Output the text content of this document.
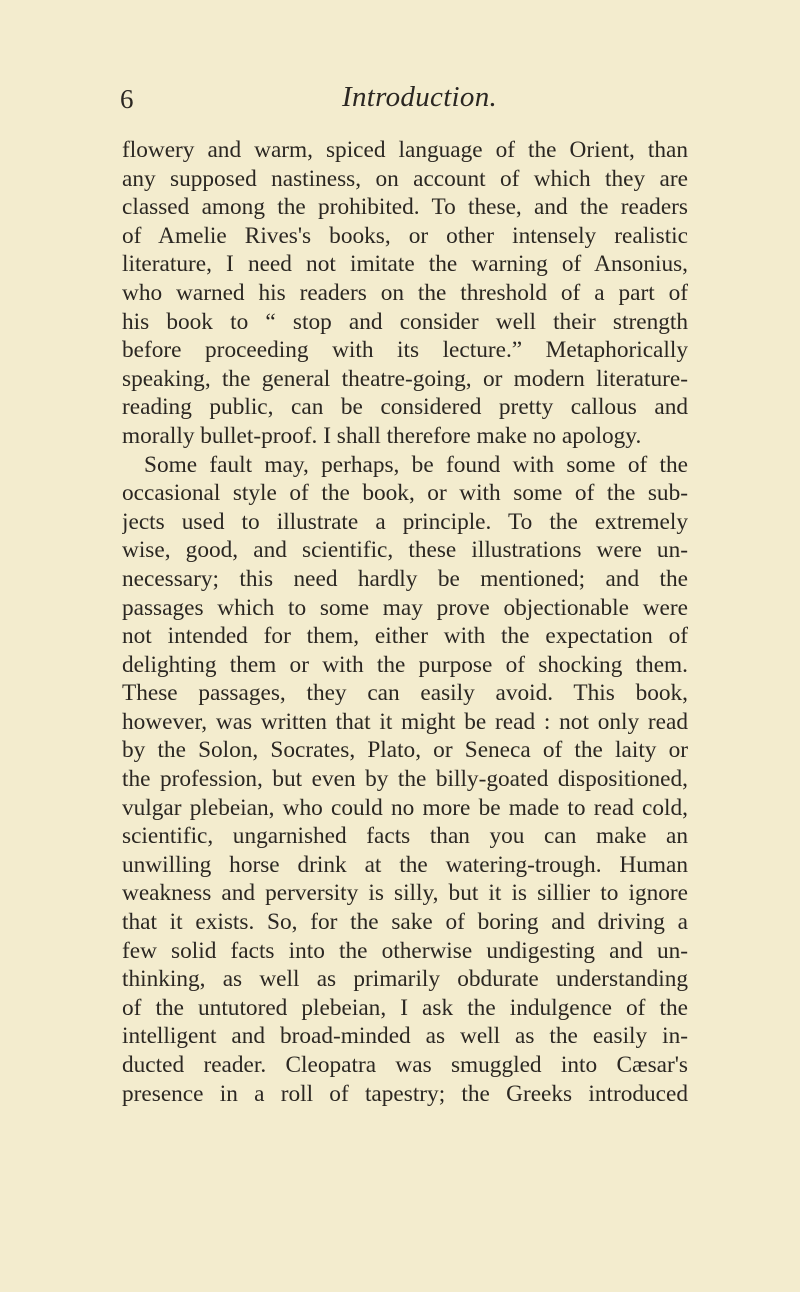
6	Introduction.
flowery and warm, spiced language of the Orient, than
any supposed nastiness, on account of which they are
classed among the prohibited. To these, and the readers
of Amelie Rives's books, or other intensely realistic
literature, I need not imitate the warning of Ansonius,
who warned his readers on the threshold of a part of
his book to “ stop and consider well their strength
before proceeding with its lecture.” Metaphorically
speaking, the general theatre-going, or modern literature-
reading public, can be considered pretty callous and
morally bullet-proof. I shall therefore make no apology.
Some fault may, perhaps, be found with some of the
occasional style of the book, or with some of the sub-
jects used to illustrate a principle. To the extremely
wise, good, and scientific, these illustrations were un-
necessary; this need hardly be mentioned; and the
passages which to some may prove objectionable were
not intended for them, either with the expectation of
delighting them or with the purpose of shocking them.
These passages, they can easily avoid. This book,
however, was written that it might be read : not only read
by the Solon, Socrates, Plato, or Seneca of the laity or
the profession, but even by the billy-goated dispositioned,
vulgar plebeian, who could no more be made to read cold,
scientific, ungarnished facts than you can make an
unwilling horse drink at the watering-trough. Human
weakness and perversity is silly, but it is sillier to ignore
that it exists. So, for the sake of boring and driving a
few solid facts into the otherwise undigesting and un-
thinking, as well as primarily obdurate understanding
of the untutored plebeian, I ask the indulgence of the
intelligent and broad-minded as well as the easily in-
ducted reader. Cleopatra was smuggled into Cæsar's
presence in a roll of tapestry; the Greeks introduced
